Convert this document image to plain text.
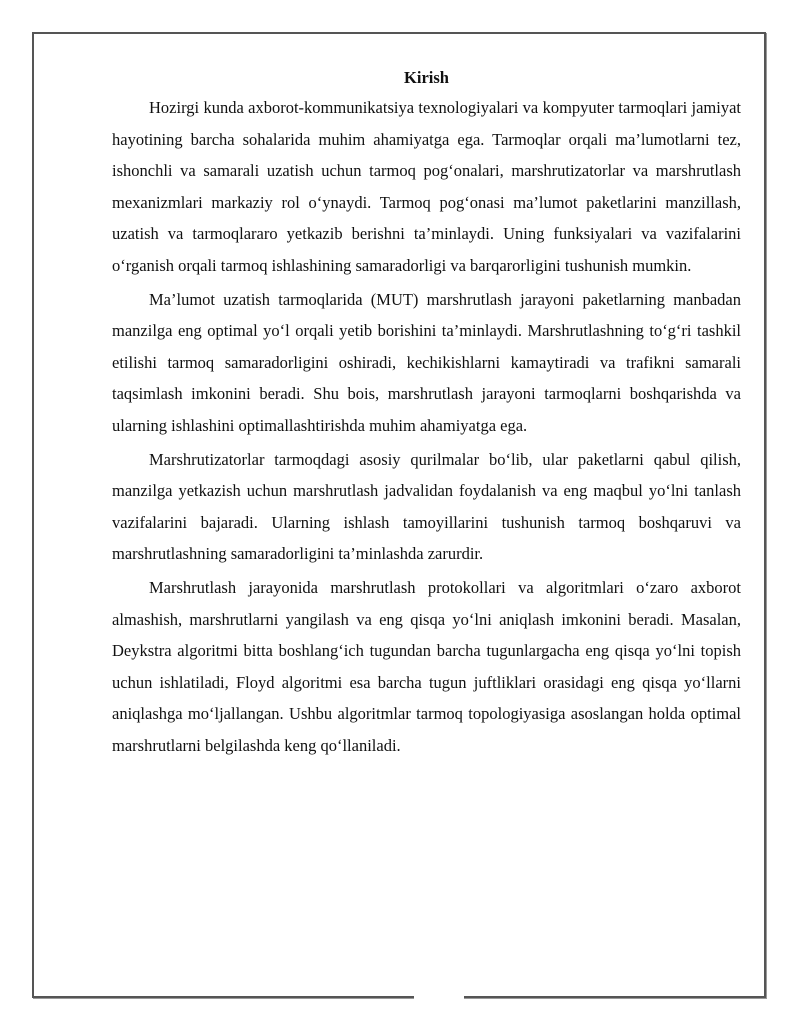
Kirish

Hozirgi kunda axborot-kommunikatsiya texnologiyalari va kompyuter tarmoqlari jamiyat hayotining barcha sohalarida muhim ahamiyatga ega. Tarmoqlar orqali ma’lumotlarni tez, ishonchli va samarali uzatish uchun tarmoq pog‘onalari, marshrutizatorlar va marshrutlash mexanizmlari markaziy rol o‘ynaydi. Tarmoq pog‘onasi ma’lumot paketlarini manzillash, uzatish va tarmoqlararo yetkazib berishni ta’minlaydi. Uning funksiyalari va vazifalarini o‘rganish orqali tarmoq ishlashining samaradorligi va barqarorligini tushunish mumkin.

Ma’lumot uzatish tarmoqlarida (MUT) marshrutlash jarayoni paketlarning manbadan manzilga eng optimal yo‘l orqali yetib borishini ta’minlaydi. Marshrutlashning to‘g‘ri tashkil etilishi tarmoq samaradorligini oshiradi, kechikishlarni kamaytiradi va trafikni samarali taqsimlash imkonini beradi. Shu bois, marshrutlash jarayoni tarmoqlarni boshqarishda va ularning ishlashini optimallashtirishda muhim ahamiyatga ega.

Marshrutizatorlar tarmoqdagi asosiy qurilmalar bo‘lib, ular paketlarni qabul qilish, manzilga yetkazish uchun marshrutlash jadvalidan foydalanish va eng maqbul yo‘lni tanlash vazifalarini bajaradi. Ularning ishlash tamoyillarini tushunish tarmoq boshqaruvi va marshrutlashning samaradorligini ta’minlashda zarurdir.

Marshrutlash jarayonida marshrutlash protokollari va algoritmlari o‘zaro axborot almashish, marshrutlarni yangilash va eng qisqa yo‘lni aniqlash imkonini beradi. Masalan, Deykstra algoritmi bitta boshlang‘ich tugundan barcha tugunlargacha eng qisqa yo‘lni topish uchun ishlatiladi, Floyd algoritmi esa barcha tugun juftliklari orasidagi eng qisqa yo‘llarni aniqlashga mo‘ljallangan. Ushbu algoritmlar tarmoq topologiyasiga asoslangan holda optimal marshrutlarni belgilashda keng qo‘llaniladi.
